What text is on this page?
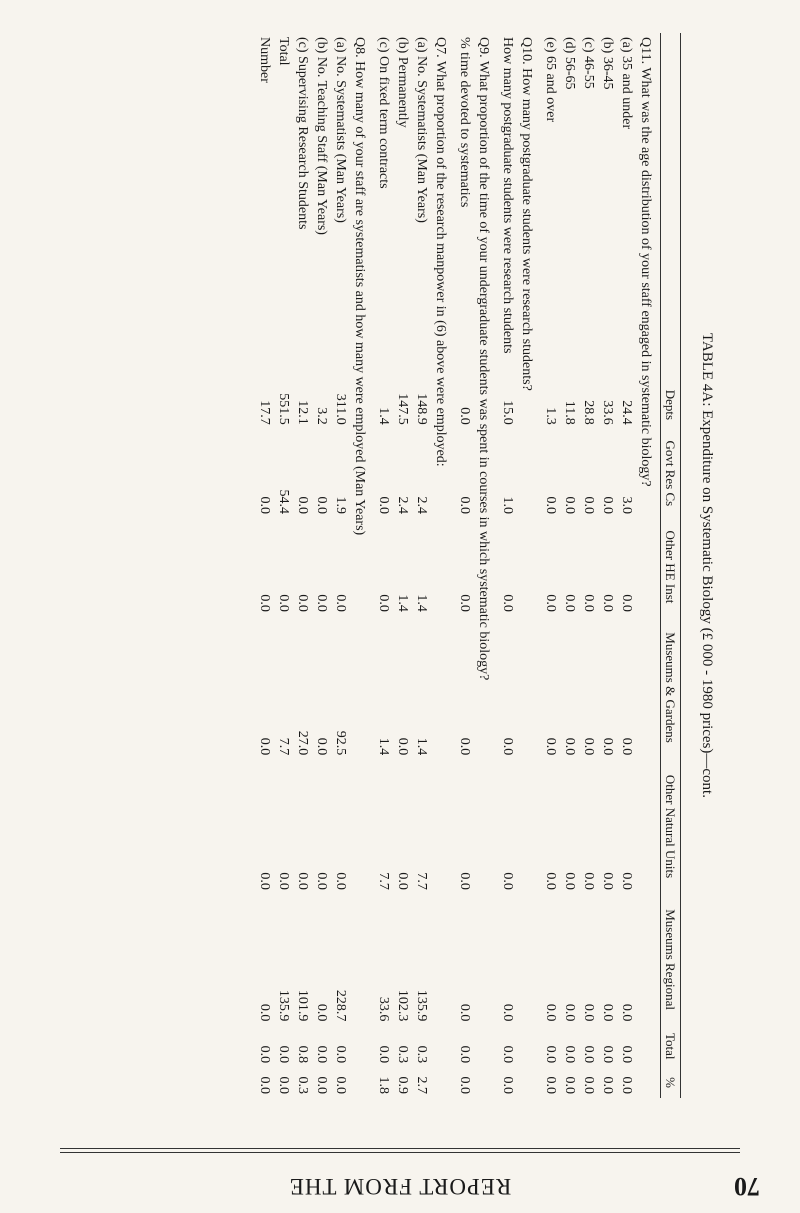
70
REPORT FROM THE
TABLE 4A: Expenditure on Systematic Biology (£ 000 - 1980 prices)—cont.
	Depts	Govt Res Cs	Other HE Inst	Museums & Gardens	Other Natural Units	Museums Regional	Total	%
Q11. What was the age distribution of your staff engaged in systematic biology?								
(a) 35 and under	24.4	3.0	0.0	0.0	0.0	0.0	0.0	0.0
(b) 36-45	33.6	0.0	0.0	0.0	0.0	0.0	0.0	0.0
(c) 46-55	28.8	0.0	0.0	0.0	0.0	0.0	0.0	0.0
(d) 56-65	11.8	0.0	0.0	0.0	0.0	0.0	0.0	0.0
(e) 65 and over	1.3	0.0	0.0	0.0	0.0	0.0	0.0	0.0
Q10. How many postgraduate students were research students?								
How many postgraduate students were research students	15.0	1.0	0.0	0.0	0.0	0.0	0.0	0.0
Q9. What proportion of the time of your undergraduate students was spent in courses in which systematic biology?								
% time devoted to systematics	0.0	0.0	0.0	0.0	0.0	0.0	0.0	0.0
Q7. What proportion of the research manpower in (6) above were employed:								
(a) No. Systematists (Man Years)	148.9	2.4	1.4	1.4	7.7	135.9	0.3	2.7
(b) Permanently	147.5	2.4	1.4	0.0	0.0	102.3	0.3	0.9
(c) On fixed term contracts	1.4	0.0	0.0	1.4	7.7	33.6	0.0	1.8
Q8. How many of your staff are systematists and how many were employed (Man Years)								
(a) No. Systematists (Man Years)	311.0	1.9	0.0	92.5	0.0	228.7	0.0	0.0
(b) No. Teaching Staff (Man Years)	3.2	0.0	0.0	0.0	0.0	0.0	0.0	0.0
(c) Supervising Research Students	12.1	0.0	0.0	27.0	0.0	101.9	0.8	0.3
Total	551.5	54.4	0.0	7.7	0.0	135.9	0.0	0.0
Number	17.7	0.0	0.0	0.0	0.0	0.0	0.0	0.0
